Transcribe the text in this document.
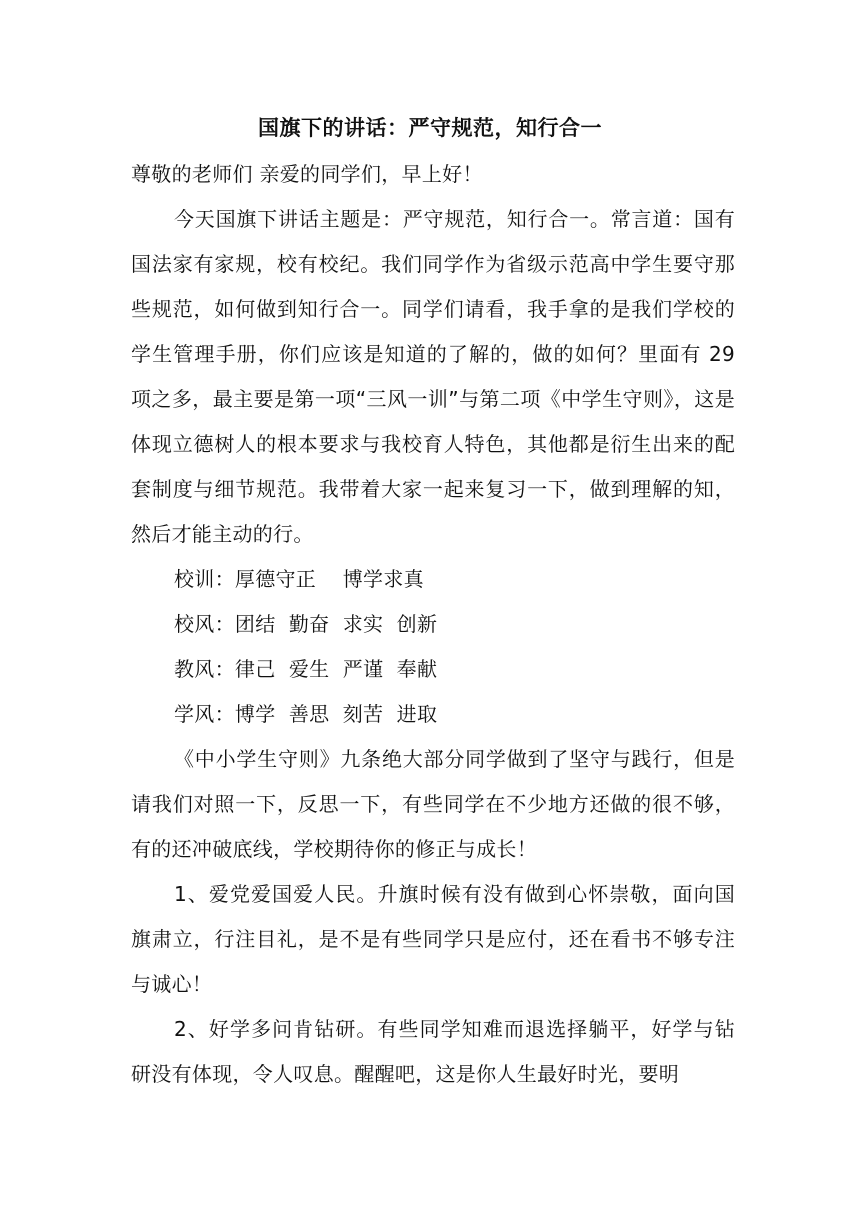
国旗下的讲话：严守规范，知行合一

尊敬的老师们 亲爱的同学们，早上好！

今天国旗下讲话主题是：严守规范，知行合一。常言道：国有国法家有家规，校有校纪。我们同学作为省级示范高中学生要守那些规范，如何做到知行合一。同学们请看，我手拿的是我们学校的学生管理手册，你们应该是知道的了解的，做的如何？里面有 29 项之多，最主要是第一项“三风一训”与第二项《中学生守则》，这是体现立德树人的根本要求与我校育人特色，其他都是衍生出来的配套制度与细节规范。我带着大家一起来复习一下，做到理解的知，然后才能主动的行。

校训：厚德守正    博学求真

校风：团结  勤奋  求实  创新

教风：律己  爱生  严谨  奉献

学风：博学  善思  刻苦  进取

《中小学生守则》九条绝大部分同学做到了坚守与践行，但是请我们对照一下，反思一下，有些同学在不少地方还做的很不够，有的还冲破底线，学校期待你的修正与成长！

1、爱党爱国爱人民。升旗时候有没有做到心怀崇敬，面向国旗肃立，行注目礼，是不是有些同学只是应付，还在看书不够专注与诚心！

2、好学多问肯钻研。有些同学知难而退选择躺平，好学与钻研没有体现，令人叹息。醒醒吧，这是你人生最好时光，要明
